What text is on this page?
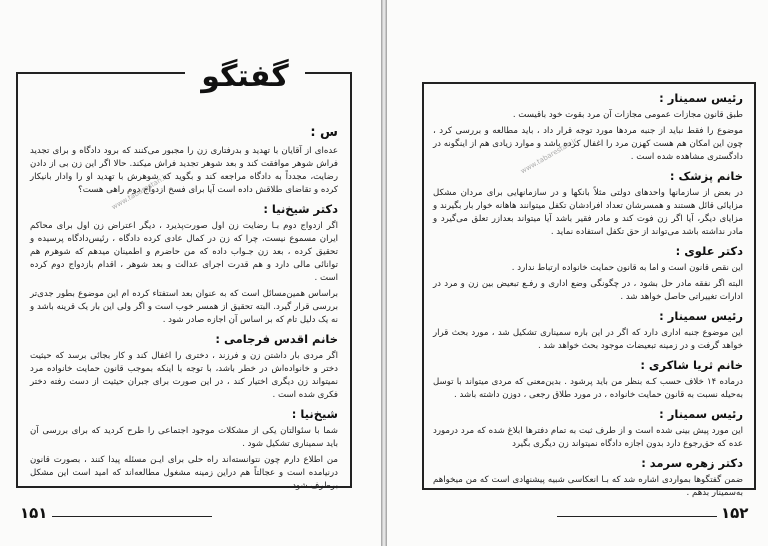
گفتگو
www.tabarestan.ir
س :

عده‌ای از آقایان با تهدید و بدرفتاری زن را مجبور می‌کنند که برود دادگاه و برای تجدید فراش شوهر موافقت کند و بعد شوهر تجدید فراش میکند. حالا اگر این زن بی از دادن رضایت، مجدداً به دادگاه مراجعه کند و بگوید که شوهرش با تهدید او را وادار بانیکار کرده و تقاضای طلاقش داده است آیا برای فسخ ازدواج دوم راهی هست؟

دکتر شیخ‌نیا :

اگر ازدواج دوم بـا رضایت زن اول صورت‌پذیرد ، دیگر اعتراض زن اول برای محاکم ایران مسموع نیست، چرا که زن در کمال عادی کرده دادگاه ، رئیس‌دادگاه پرسیده و تحقیق کرده ، بعد زن جـواب داده که من حاضرم و اطمینان میدهم که شوهرم هم توانائی مالی دارد و هم قدرت اجرای عدالت و بعد شوهر ، اقدام بازدواج دوم کرده است .

براساس همین‌مسائل است که به عنوان بعد استفتاء کرده ام این موضوع بطور جدی‌تر بررسی قرار گیرد. البته تحقیق از همسر خوب است و اگر ولی این بار یک قرینه باشد و نه یک دلیل تام که بر اساس آن اجازه صادر شود .

خانم اقدس فرجامی :

اگر مردی بار داشتن زن و فرزند ، دختری را اغفال کند و کار بجائی برسد که حیثیت دختر و خانواده‌اش در خطر باشد، با توجه با اینکه بموجب قانون حمایت خانواده مرد نمیتواند زن دیگری اختیار کند ، در این صورت برای جبران حیثیت از دست رفته دختر فکری شده است .

شیخ‌نیا :

شما با سئوالتان یکی از مشکلات موجود اجتماعی را طرح کردید که برای بررسی آن باید سمیناری تشکیل شود .

من اطلاع دارم چون نتوانسته‌اند راه حلی برای ایـن مسئله پیدا کنند ، بصورت قانون درنیامده است و عجالتاً هم دراین زمینه مشغول مطالعه‌اند که امید است این مشکل برطرف شود .

۱۵۱
www.tabarestan.ir
رئیس سمینار :

طبق قانون مجازات عمومی مجازات آن مرد بقوت خود باقیست .

موضوع را فقط نباید از جنبه مردها مورد توجه قرار داد ، باید مطالعه و بررسی کرد ، چون این امکان هم هست کهزن مرد را اغفال کرده باشد و موارد زیادی هم از اینگونه در دادگستری مشاهده شده است .

خانم پزشک :

در بعض از سازمانها واحدهای دولتی مثلاً بانکها و در سازمانهایی برای مردان مشکل مزایائی قائل هستند و همسرشان تعداد افرادشان تکفل میتوانند هاهانه خوار بار بگیرند و مزایای دیگر، آیا اگر زن فوت کند و مادر فقیر باشد آیا میتواند بعدازر تعلق می‌گیرد و مادر نداشته باشد می‌تواند از حق تکفل استفاده نماید .

دکتر علوی :

این نقص قانون است و اما به قانون حمایت خانواده ارتباط ندارد .

البته اگر نفقه مادر حل بشود ، در چگونگی وضع اداری و رفـع تبعیض بین زن و مرد در ادارات تغییراتی حاصل خواهد شد .

رئیس سمینار :

این موضوع جنبه اداری دارد که اگر در این باره سمیناری تشکیل شد ، مورد بحث قرار خواهد گرفت و در زمینه تبعیضات موجود بحث خواهد شد .

خانم ثریا شاکری :

درماده ۱۴ خلاف حسب کـه بنظر من باید پرشود . بدین‌معنی که مردی میتواند با توسل به‌حیله نسبت به قانون حمایت خانواده ، در مورد طلاق رجعی ، دوزن داشته باشد .

رئیس سمینار :

این مورد پیش بینی شده است و از طرف ثبت به تمام دفترها ابلاغ شده که مرد درمورد عده که حق‌رجوع دارد بدون اجازه دادگاه نمیتواند زن دیگری بگیرد

دکتر زهره سرمد :

ضمن گفتگوها بمواردی اشاره شد که بـا انعکاسی شبیه پیشنهادی است که من میخواهم به‌سمینار بدهم .

۱۵۲
